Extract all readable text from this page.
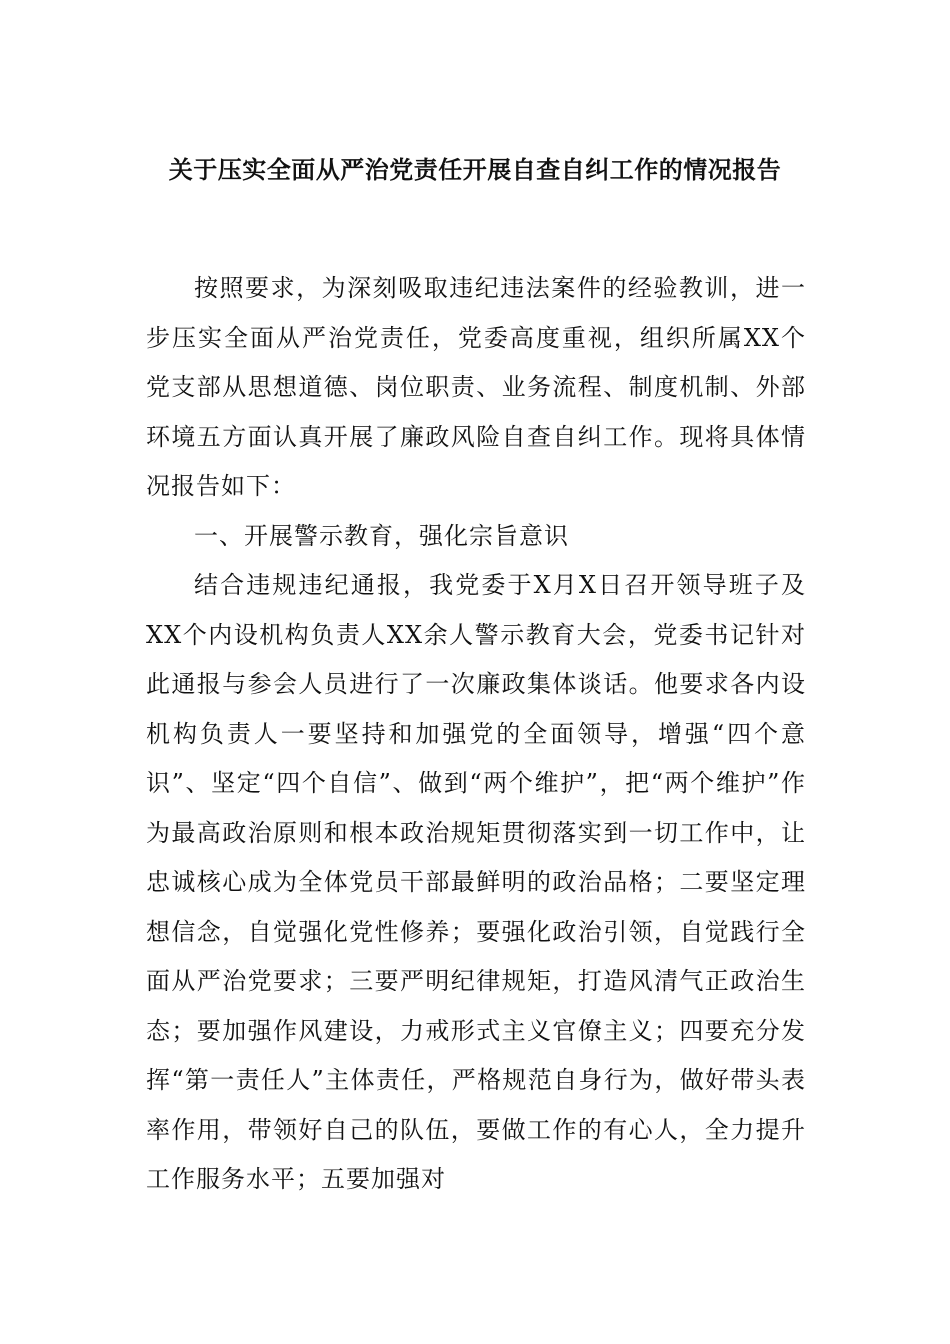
关于压实全面从严治党责任开展自查自纠工作的情况报告

按照要求，为深刻吸取违纪违法案件的经验教训，进一步压实全面从严治党责任，党委高度重视，组织所属XX个党支部从思想道德、岗位职责、业务流程、制度机制、外部环境五方面认真开展了廉政风险自查自纠工作。现将具体情况报告如下：

一、开展警示教育，强化宗旨意识

结合违规违纪通报，我党委于X月X日召开领导班子及XX个内设机构负责人XX余人警示教育大会，党委书记针对此通报与参会人员进行了一次廉政集体谈话。他要求各内设机构负责人一要坚持和加强党的全面领导，增强“四个意识”、坚定“四个自信”、做到“两个维护”，把“两个维护”作为最高政治原则和根本政治规矩贯彻落实到一切工作中，让忠诚核心成为全体党员干部最鲜明的政治品格；二要坚定理想信念，自觉强化党性修养；要强化政治引领，自觉践行全面从严治党要求；三要严明纪律规矩，打造风清气正政治生态；要加强作风建设，力戒形式主义官僚主义；四要充分发挥“第一责任人”主体责任，严格规范自身行为，做好带头表率作用，带领好自己的队伍，要做工作的有心人，全力提升工作服务水平；五要加强对
